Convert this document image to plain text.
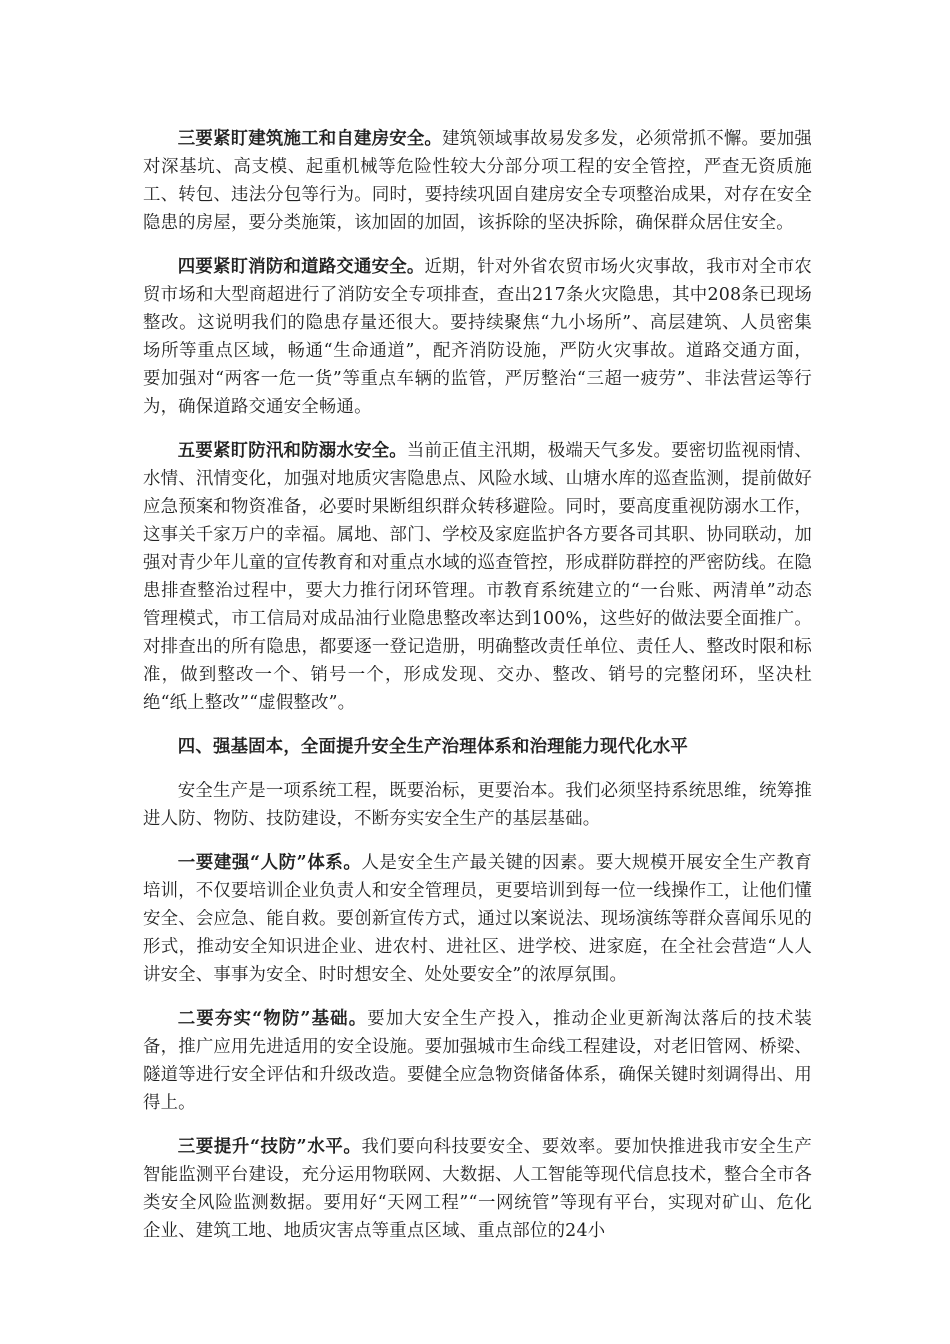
三要紧盯建筑施工和自建房安全。建筑领域事故易发多发，必须常抓不懈。要加强对深基坑、高支模、起重机械等危险性较大分部分项工程的安全管控，严查无资质施工、转包、违法分包等行为。同时，要持续巩固自建房安全专项整治成果，对存在安全隐患的房屋，要分类施策，该加固的加固，该拆除的坚决拆除，确保群众居住安全。

四要紧盯消防和道路交通安全。近期，针对外省农贸市场火灾事故，我市对全市农贸市场和大型商超进行了消防安全专项排查，查出217条火灾隐患，其中208条已现场整改。这说明我们的隐患存量还很大。要持续聚焦“九小场所”、高层建筑、人员密集场所等重点区域，畅通“生命通道”，配齐消防设施，严防火灾事故。道路交通方面，要加强对“两客一危一货”等重点车辆的监管，严厉整治“三超一疲劳”、非法营运等行为，确保道路交通安全畅通。

五要紧盯防汛和防溺水安全。当前正值主汛期，极端天气多发。要密切监视雨情、水情、汛情变化，加强对地质灾害隐患点、风险水域、山塘水库的巡查监测，提前做好应急预案和物资准备，必要时果断组织群众转移避险。同时，要高度重视防溺水工作，这事关千家万户的幸福。属地、部门、学校及家庭监护各方要各司其职、协同联动，加强对青少年儿童的宣传教育和对重点水域的巡查管控，形成群防群控的严密防线。在隐患排查整治过程中，要大力推行闭环管理。市教育系统建立的“一台账、两清单”动态管理模式，市工信局对成品油行业隐患整改率达到100%，这些好的做法要全面推广。对排查出的所有隐患，都要逐一登记造册，明确整改责任单位、责任人、整改时限和标准，做到整改一个、销号一个，形成发现、交办、整改、销号的完整闭环，坚决杜绝“纸上整改”“虚假整改”。

四、强基固本，全面提升安全生产治理体系和治理能力现代化水平

安全生产是一项系统工程，既要治标，更要治本。我们必须坚持系统思维，统筹推进人防、物防、技防建设，不断夯实安全生产的基层基础。

一要建强“人防”体系。人是安全生产最关键的因素。要大规模开展安全生产教育培训，不仅要培训企业负责人和安全管理员，更要培训到每一位一线操作工，让他们懂安全、会应急、能自救。要创新宣传方式，通过以案说法、现场演练等群众喜闻乐见的形式，推动安全知识进企业、进农村、进社区、进学校、进家庭，在全社会营造“人人讲安全、事事为安全、时时想安全、处处要安全”的浓厚氛围。

二要夯实“物防”基础。要加大安全生产投入，推动企业更新淘汰落后的技术装备，推广应用先进适用的安全设施。要加强城市生命线工程建设，对老旧管网、桥梁、隧道等进行安全评估和升级改造。要健全应急物资储备体系，确保关键时刻调得出、用得上。

三要提升“技防”水平。我们要向科技要安全、要效率。要加快推进我市安全生产智能监测平台建设，充分运用物联网、大数据、人工智能等现代信息技术，整合全市各类安全风险监测数据。要用好“天网工程”“一网统管”等现有平台，实现对矿山、危化企业、建筑工地、地质灾害点等重点区域、重点部位的24小
